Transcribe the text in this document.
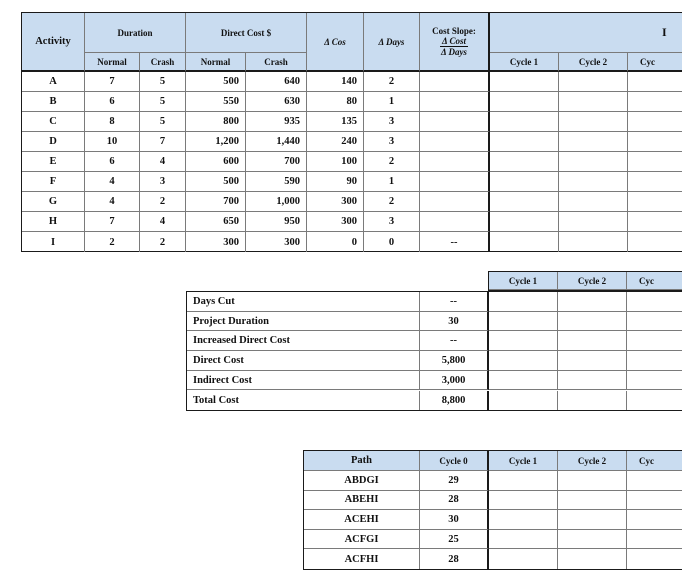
Activity
Duration	Direct Cost $
Δ Cos	Δ Days
Cost Slope:
Δ Cost
Δ Days
I
Normal	Crash	Normal	Crash	Cycle 1	Cycle 2	Cyc
A	7	5	500	640	140	2
B	6	5	550	630	80	1
C	8	5	800	935	135	3
D	10	7	1,200	1,440	240	3
E	6	4	600	700	100	2
F	4	3	500	590	90	1
G	4	2	700	1,000	300	2
H	7	4	650	950	300	3
I	2	2	300	300	0	0	--
Cycle 1	Cycle 2	Cyc
Days Cut	--
Project Duration	30
Increased Direct Cost	--
Direct Cost	5,800
Indirect Cost	3,000
Total Cost	8,800
Path	Cycle 0	Cycle 1	Cycle 2	Cyc
ABDGI	29
ABEHI	28
ACEHI	30
ACFGI	25
ACFHI	28
